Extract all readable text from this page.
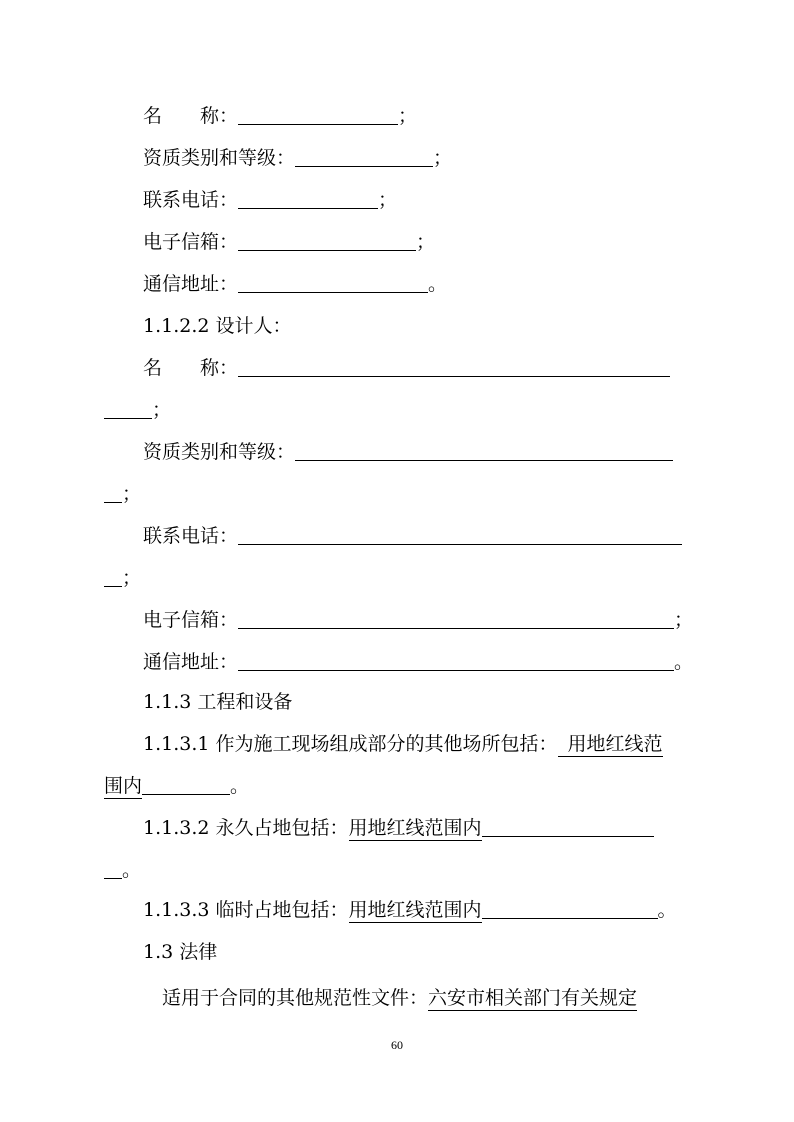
名　　称：	；
资质类别和等级：	；
联系电话：	；
电子信箱：	；
通信地址：	。
1.1.2.2 设计人：
名　　称：
；
资质类别和等级：
；
联系电话：
；
电子信箱：	；
通信地址：	。
1.1.3 工程和设备
1.1.3.1 作为施工现场组成部分的其他场所包括： 用地红线范
围内	。
1.1.3.2 永久占地包括：用地红线范围内
。
1.1.3.3 临时占地包括：用地红线范围内	。
1.3 法律
适用于合同的其他规范性文件：六安市相关部门有关规定
60
